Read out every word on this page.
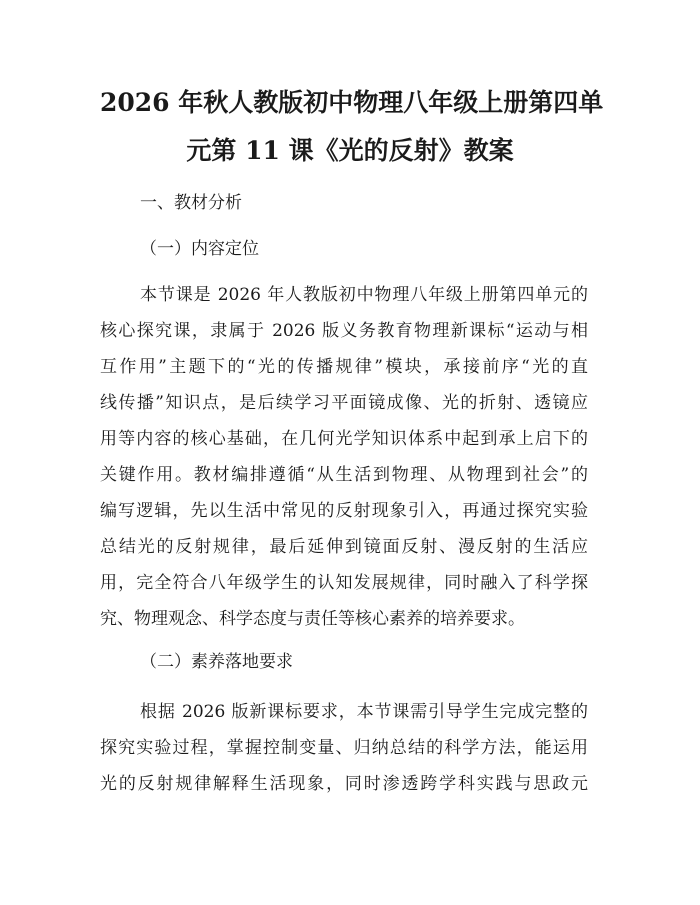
2026 年秋人教版初中物理八年级上册第四单
元第 11 课《光的反射》教案

一、教材分析

（一）内容定位

本节课是 2026 年人教版初中物理八年级上册第四单元的

核心探究课，隶属于 2026 版义务教育物理新课标“运动与相

互作用”主题下的“光的传播规律”模块，承接前序“光的直

线传播”知识点，是后续学习平面镜成像、光的折射、透镜应

用等内容的核心基础，在几何光学知识体系中起到承上启下的

关键作用。教材编排遵循“从生活到物理、从物理到社会”的

编写逻辑，先以生活中常见的反射现象引入，再通过探究实验

总结光的反射规律，最后延伸到镜面反射、漫反射的生活应

用，完全符合八年级学生的认知发展规律，同时融入了科学探

究、物理观念、科学态度与责任等核心素养的培养要求。

（二）素养落地要求

根据 2026 版新课标要求，本节课需引导学生完成完整的

探究实验过程，掌握控制变量、归纳总结的科学方法，能运用

光的反射规律解释生活现象，同时渗透跨学科实践与思政元
